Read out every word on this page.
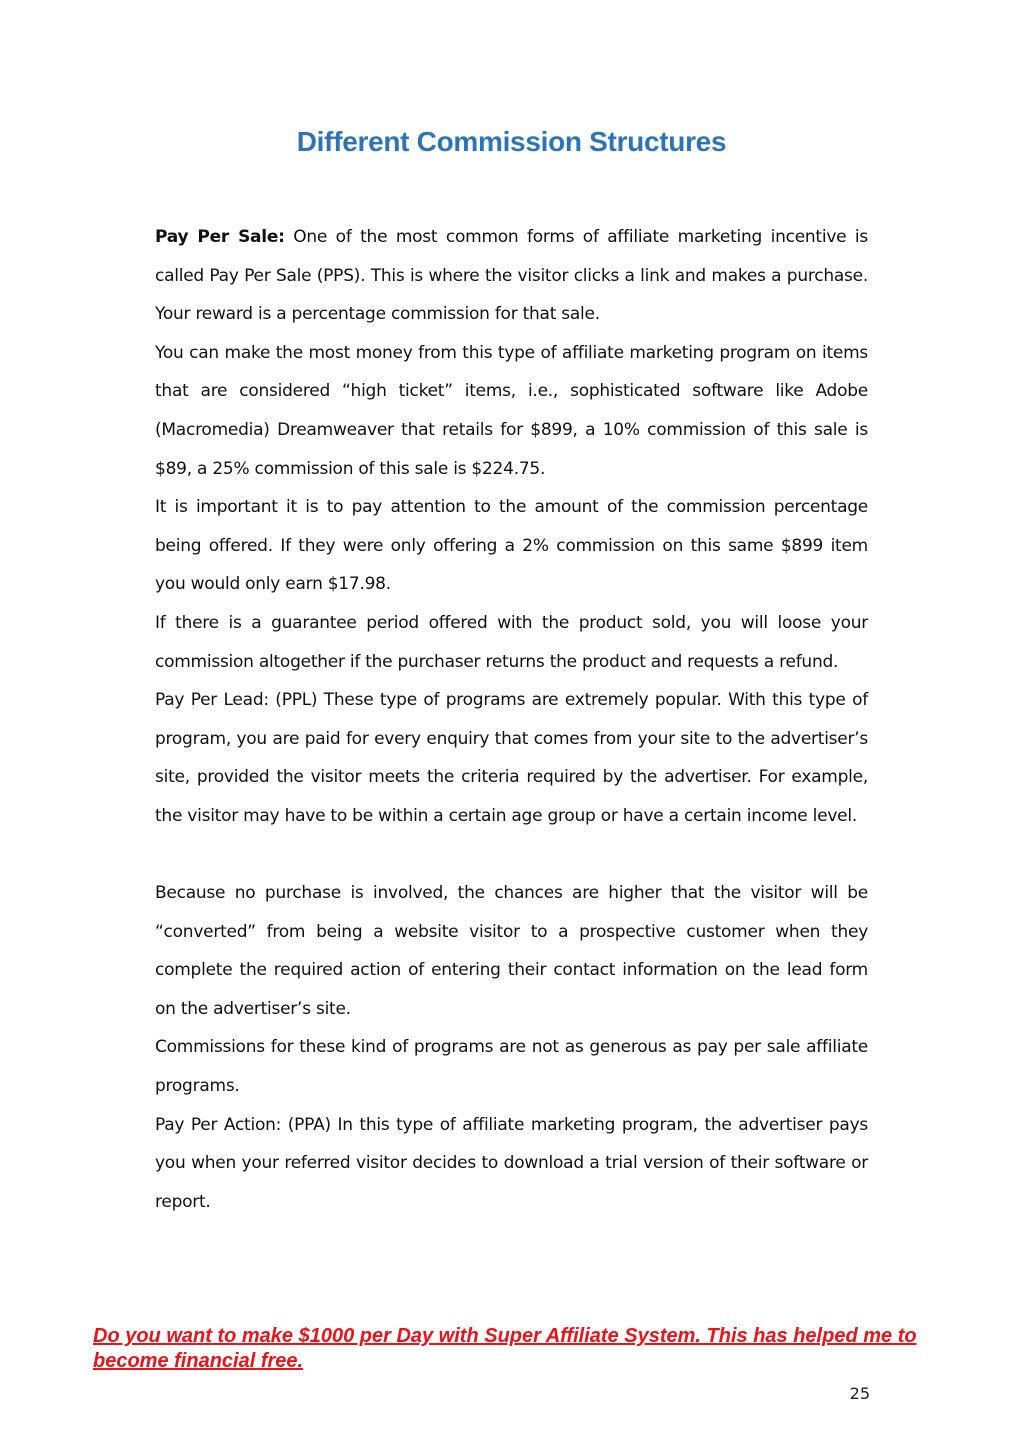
Different Commission Structures

Pay Per Sale: One of the most common forms of affiliate marketing incentive is called Pay Per Sale (PPS). This is where the visitor clicks a link and makes a purchase. Your reward is a percentage commission for that sale.

You can make the most money from this type of affiliate marketing program on items that are considered “high ticket” items, i.e., sophisticated software like Adobe (Macromedia) Dreamweaver that retails for $899, a 10% commission of this sale is $89, a 25% commission of this sale is $224.75.

It is important it is to pay attention to the amount of the commission percentage being offered. If they were only offering a 2% commission on this same $899 item you would only earn $17.98.

If there is a guarantee period offered with the product sold, you will loose your commission altogether if the purchaser returns the product and requests a refund.

Pay Per Lead: (PPL) These type of programs are extremely popular. With this type of program, you are paid for every enquiry that comes from your site to the advertiser’s site, provided the visitor meets the criteria required by the advertiser. For example, the visitor may have to be within a certain age group or have a certain income level.

Because no purchase is involved, the chances are higher that the visitor will be “converted” from being a website visitor to a prospective customer when they complete the required action of entering their contact information on the lead form on the advertiser’s site.

Commissions for these kind of programs are not as generous as pay per sale affiliate programs.

Pay Per Action: (PPA) In this type of affiliate marketing program, the advertiser pays you when your referred visitor decides to download a trial version of their software or report.

Do you want to make $1000 per Day with Super Affiliate System. This has helped me to become financial free.
25
